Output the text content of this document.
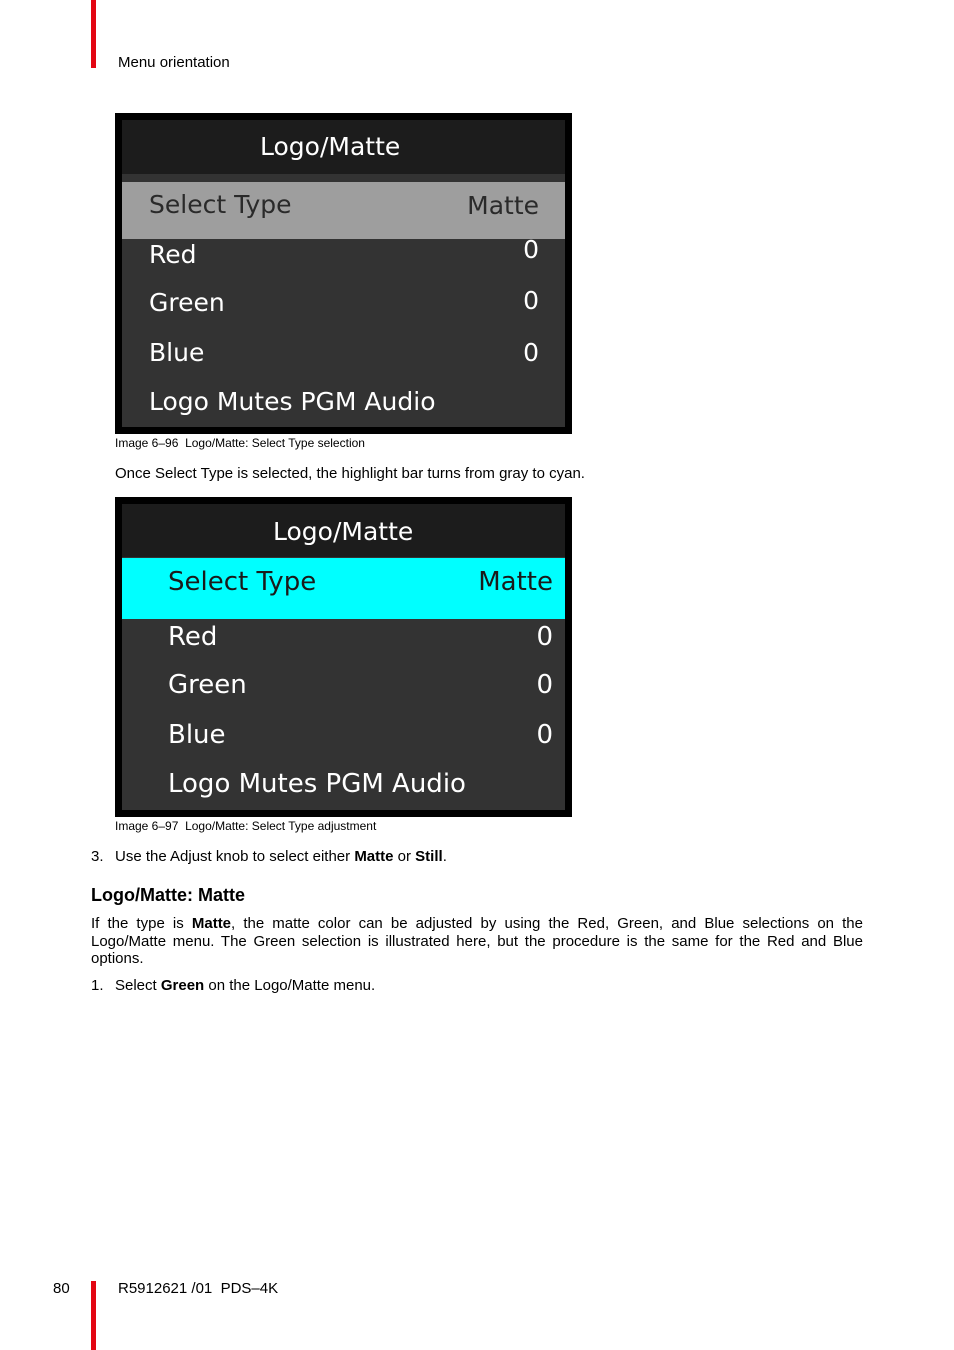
Menu orientation
Logo/Matte
Select Type	Matte
Red	0
Green	0
Blue	0
Logo Mutes PGM Audio
Image 6–96 Logo/Matte: Select Type selection
Once Select Type is selected, the highlight bar turns from gray to cyan.
Logo/Matte
Select Type	Matte
Red	0
Green	0
Blue	0
Logo Mutes PGM Audio
Image 6–97 Logo/Matte: Select Type adjustment
3. Use the Adjust knob to select either Matte or Still.
Logo/Matte: Matte
If the type is Matte, the matte color can be adjusted by using the Red, Green, and Blue selections on the
Logo/Matte menu. The Green selection is illustrated here, but the procedure is the same for the Red and Blue
options.
1. Select Green on the Logo/Matte menu.
80	R5912621 /01  PDS–4K
